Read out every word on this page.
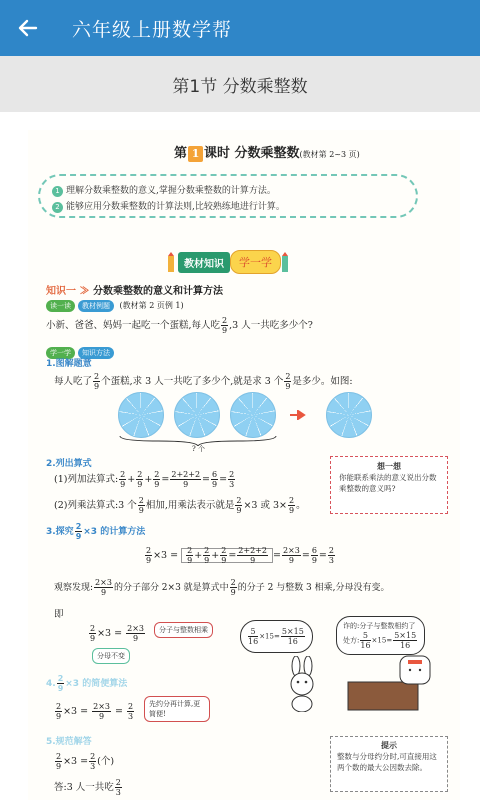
六年级上册数学帮
第1节 分数乘整数
第 1 课时 分数乘整数(教材第 2~3 页)
1 理解分数乘整数的意义,掌握分数乘整数的计算方法。
2 能够应用分数乘整数的计算法则,比较熟练地进行计算。
教材知识	学一学
知识一 ≫ 分数乘整数的意义和计算方法
读一读 教材例题 (教材第 2 页例 1)
小新、爸爸、妈妈一起吃一个蛋糕,每人吃 $\frac{2}{9} ,3$ 人一共吃多少个?
学一学 知识方法
1.图解题意
每人吃了 $\frac{2}{9}$ 个蛋糕,求 3 人一共吃了多少个,就是求 3 个 $\frac{2}{9}$ 是多少。如图:
? 个
2.列出算式
(1)列加法算式: $\frac{2}{9} + \frac{2}{9} + \frac{2}{9} = \frac{2+2+2}{9} = \frac{6}{9} = \frac{2}{3}$
(2)列乘法算式:3 个 $\frac{2}{9}$ 相加,用乘法表示就是 $\frac{2}{9} \times 3$ 或 $3\times \frac{2}{9}$ 。
想一想
你能联系乘法的意义说出分数乘整数的意义吗?
3.探究 $\frac{2}{9} \times 3$ 的计算方法
$\frac{2}{9} \times 3 = \frac{2}{9} + \frac{2}{9} + \frac{2}{9} = \frac{2+2+2}{9} = \frac{2\times 3}{9} = \frac{6}{9} = \frac{2}{3}$
观察发现: $\frac{2\times 3}{9}$ 的分子部分 2×3 就是算式中 $\frac{2}{9}$ 的分子 2 与整数 3 相乘,分母没有变。
即
$\frac{2}{9} \times 3 = \frac{2\times 3}{9}$	分子与整数相乘
分母不变
$\frac{5}{16} \times 15= \frac{5\times 15}{16}$
诈的:分子与整数相约了
处方: $\frac{5}{16} \times 15= \frac{5\times 15}{16}$
4. $\frac{2}{9} \times 3$ 的简便算法
$\frac{2}{9} \times 3 = \frac{2\times 3}{9} = \frac{2}{3}$	先约分再计算,更简便!
5.规范解答
$\frac{2}{9} \times 3 = \frac{2}{3}$ (个)
答:3 人一共吃 $\frac{2}{3}$
提示
整数与分母约分时,可直接用这两个数的最大公因数去除。
